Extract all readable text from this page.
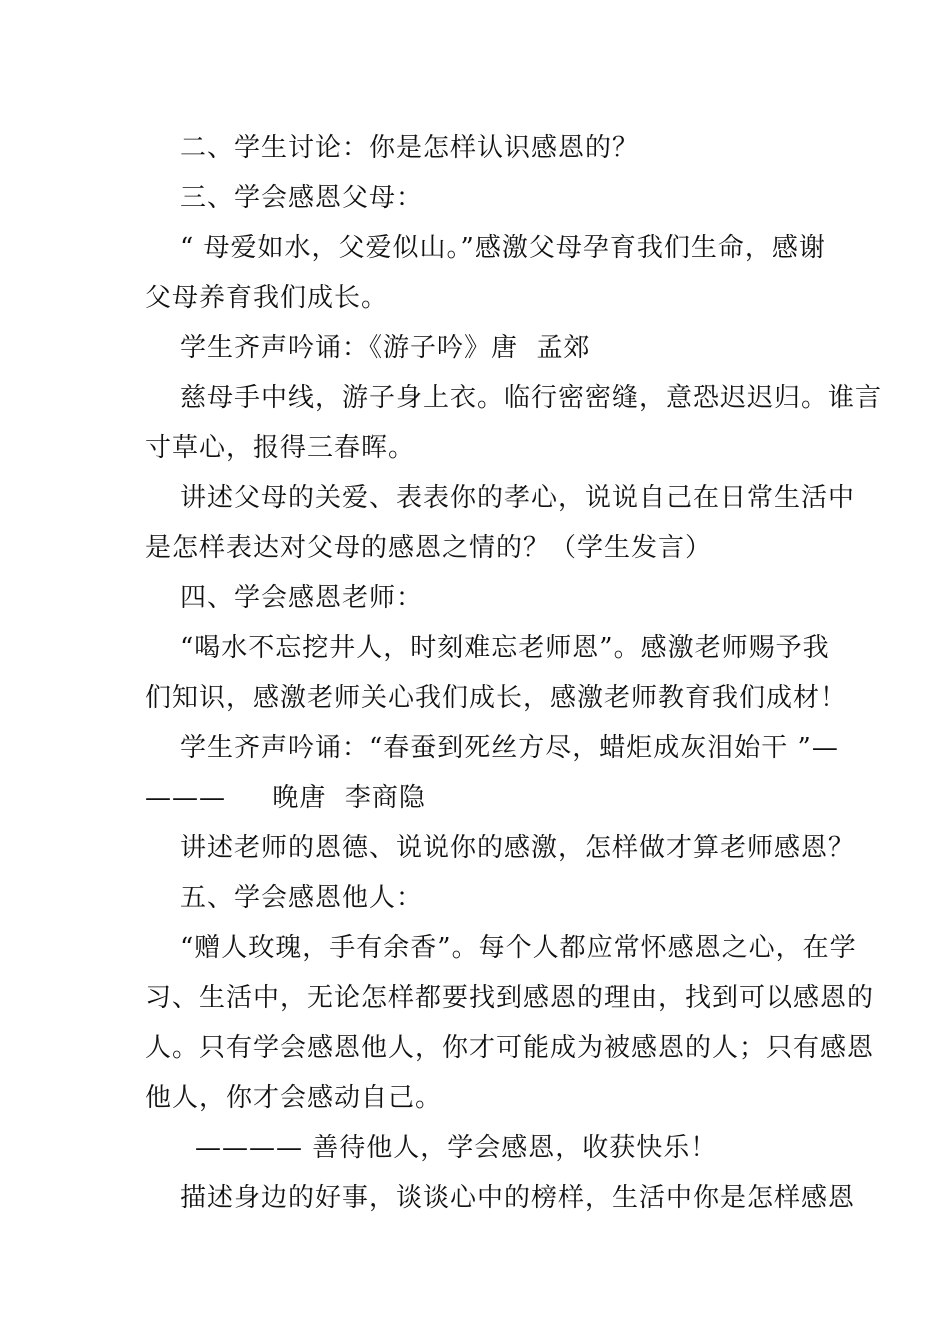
二、学生讨论：你是怎样认识感恩的？
三、学会感恩父母：
“ 母爱如水，父爱似山。”感激父母孕育我们生命，感谢
父母养育我们成长。
学生齐声吟诵：《游子吟》唐  孟郊
慈母手中线，游子身上衣。临行密密缝，意恐迟迟归。谁言
寸草心，报得三春晖。
讲述父母的关爱、表表你的孝心，说说自己在日常生活中
是怎样表达对父母的感恩之情的？（学生发言）
四、学会感恩老师：
“喝水不忘挖井人，时刻难忘老师恩”。感激老师赐予我
们知识，感激老师关心我们成长，感激老师教育我们成材！
学生齐声吟诵：“春蚕到死丝方尽，蜡炬成灰泪始干 ”—
———     晚唐  李商隐
讲述老师的恩德、说说你的感激，怎样做才算老师感恩？
五、学会感恩他人：
“赠人玫瑰，手有余香”。每个人都应常怀感恩之心，在学
习、生活中，无论怎样都要找到感恩的理由，找到可以感恩的
人。只有学会感恩他人，你才可能成为被感恩的人；只有感恩
他人，你才会感动自己。
———— 善待他人，学会感恩，收获快乐！
描述身边的好事，谈谈心中的榜样，生活中你是怎样感恩
